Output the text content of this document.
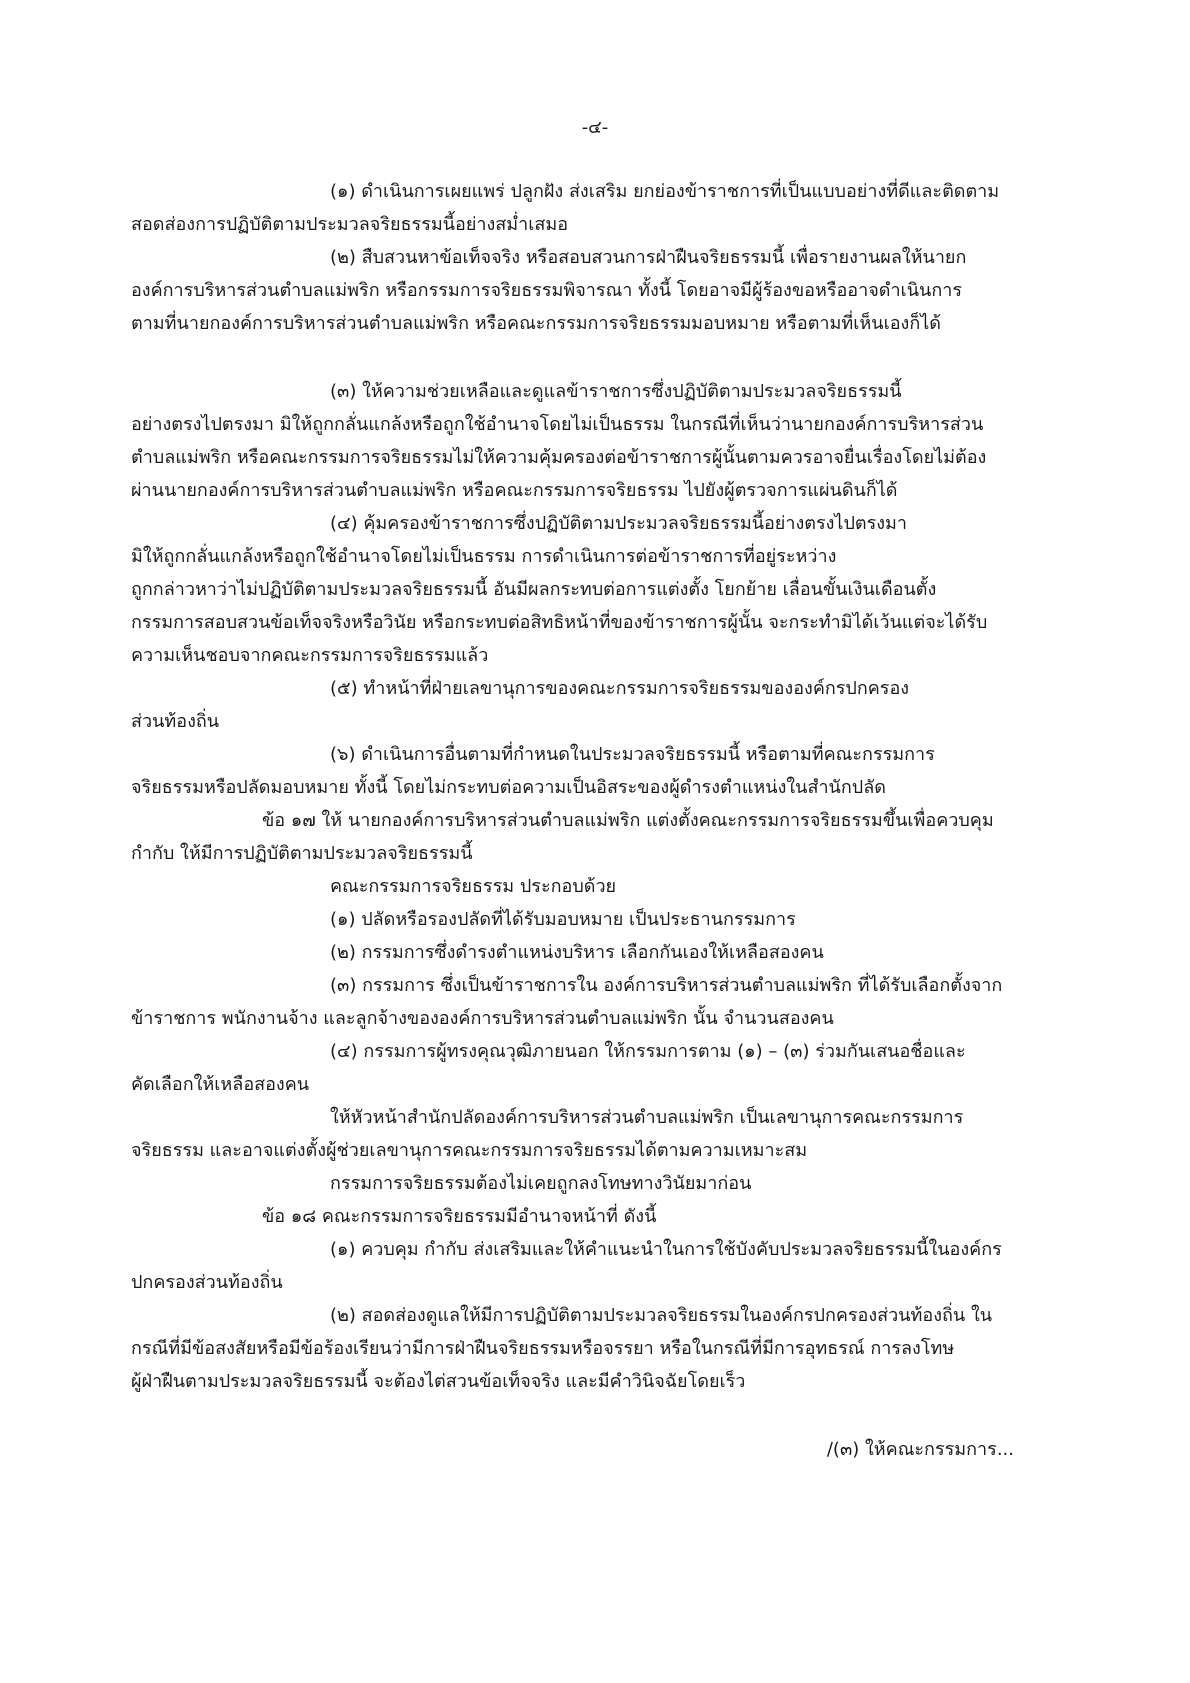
-๔-
(๑) ดำเนินการเผยแพร่ ปลูกฝัง ส่งเสริม ยกย่องข้าราชการที่เป็นแบบอย่างที่ดีและติดตาม
สอดส่องการปฏิบัติตามประมวลจริยธรรมนี้อย่างสม่ำเสมอ
(๒) สืบสวนหาข้อเท็จจริง หรือสอบสวนการฝ่าฝืนจริยธรรมนี้ เพื่อรายงานผลให้นายก
องค์การบริหารส่วนตำบลแม่พริก หรือกรรมการจริยธรรมพิจารณา ทั้งนี้ โดยอาจมีผู้ร้องขอหรืออาจดำเนินการ
ตามที่นายกองค์การบริหารส่วนตำบลแม่พริก หรือคณะกรรมการจริยธรรมมอบหมาย หรือตามที่เห็นเองก็ได้
(๓) ให้ความช่วยเหลือและดูแลข้าราชการซึ่งปฏิบัติตามประมวลจริยธรรมนี้
อย่างตรงไปตรงมา มิให้ถูกกลั่นแกล้งหรือถูกใช้อำนาจโดยไม่เป็นธรรม ในกรณีที่เห็นว่านายกองค์การบริหารส่วน
ตำบลแม่พริก หรือคณะกรรมการจริยธรรมไม่ให้ความคุ้มครองต่อข้าราชการผู้นั้นตามควรอาจยื่นเรื่องโดยไม่ต้อง
ผ่านนายกองค์การบริหารส่วนตำบลแม่พริก หรือคณะกรรมการจริยธรรม ไปยังผู้ตรวจการแผ่นดินก็ได้
(๔) คุ้มครองข้าราชการซึ่งปฏิบัติตามประมวลจริยธรรมนี้อย่างตรงไปตรงมา
มิให้ถูกกลั่นแกล้งหรือถูกใช้อำนาจโดยไม่เป็นธรรม การดำเนินการต่อข้าราชการที่อยู่ระหว่าง
ถูกกล่าวหาว่าไม่ปฏิบัติตามประมวลจริยธรรมนี้ อันมีผลกระทบต่อการแต่งตั้ง โยกย้าย เลื่อนขั้นเงินเดือนตั้ง
กรรมการสอบสวนข้อเท็จจริงหรือวินัย หรือกระทบต่อสิทธิหน้าที่ของข้าราชการผู้นั้น จะกระทำมิได้เว้นแต่จะได้รับ
ความเห็นชอบจากคณะกรรมการจริยธรรมแล้ว
(๕) ทำหน้าที่ฝ่ายเลขานุการของคณะกรรมการจริยธรรมขององค์กรปกครอง
ส่วนท้องถิ่น
(๖) ดำเนินการอื่นตามที่กำหนดในประมวลจริยธรรมนี้ หรือตามที่คณะกรรมการ
จริยธรรมหรือปลัดมอบหมาย ทั้งนี้ โดยไม่กระทบต่อความเป็นอิสระของผู้ดำรงตำแหน่งในสำนักปลัด
ข้อ ๑๗ ให้ นายกองค์การบริหารส่วนตำบลแม่พริก แต่งตั้งคณะกรรมการจริยธรรมขึ้นเพื่อควบคุม
กำกับ ให้มีการปฏิบัติตามประมวลจริยธรรมนี้
คณะกรรมการจริยธรรม ประกอบด้วย
(๑) ปลัดหรือรองปลัดที่ได้รับมอบหมาย เป็นประธานกรรมการ
(๒) กรรมการซึ่งดำรงตำแหน่งบริหาร เลือกกันเองให้เหลือสองคน
(๓) กรรมการ ซึ่งเป็นข้าราชการใน องค์การบริหารส่วนตำบลแม่พริก ที่ได้รับเลือกตั้งจาก
ข้าราชการ พนักงานจ้าง และลูกจ้างขององค์การบริหารส่วนตำบลแม่พริก นั้น จำนวนสองคน
(๔) กรรมการผู้ทรงคุณวุฒิภายนอก ให้กรรมการตาม (๑) – (๓) ร่วมกันเสนอชื่อและ
คัดเลือกให้เหลือสองคน
ให้หัวหน้าสำนักปลัดองค์การบริหารส่วนตำบลแม่พริก เป็นเลขานุการคณะกรรมการ
จริยธรรม และอาจแต่งตั้งผู้ช่วยเลขานุการคณะกรรมการจริยธรรมได้ตามความเหมาะสม
กรรมการจริยธรรมต้องไม่เคยถูกลงโทษทางวินัยมาก่อน
ข้อ ๑๘ คณะกรรมการจริยธรรมมีอำนาจหน้าที่ ดังนี้
(๑) ควบคุม กำกับ ส่งเสริมและให้คำแนะนำในการใช้บังคับประมวลจริยธรรมนี้ในองค์กร
ปกครองส่วนท้องถิ่น
(๒) สอดส่องดูแลให้มีการปฏิบัติตามประมวลจริยธรรมในองค์กรปกครองส่วนท้องถิ่น ใน
กรณีที่มีข้อสงสัยหรือมีข้อร้องเรียนว่ามีการฝ่าฝืนจริยธรรมหรือจรรยา หรือในกรณีที่มีการอุทธรณ์ การลงโทษ
ผู้ฝ่าฝืนตามประมวลจริยธรรมนี้ จะต้องไต่สวนข้อเท็จจริง และมีคำวินิจฉัยโดยเร็ว
/(๓) ให้คณะกรรมการ...
